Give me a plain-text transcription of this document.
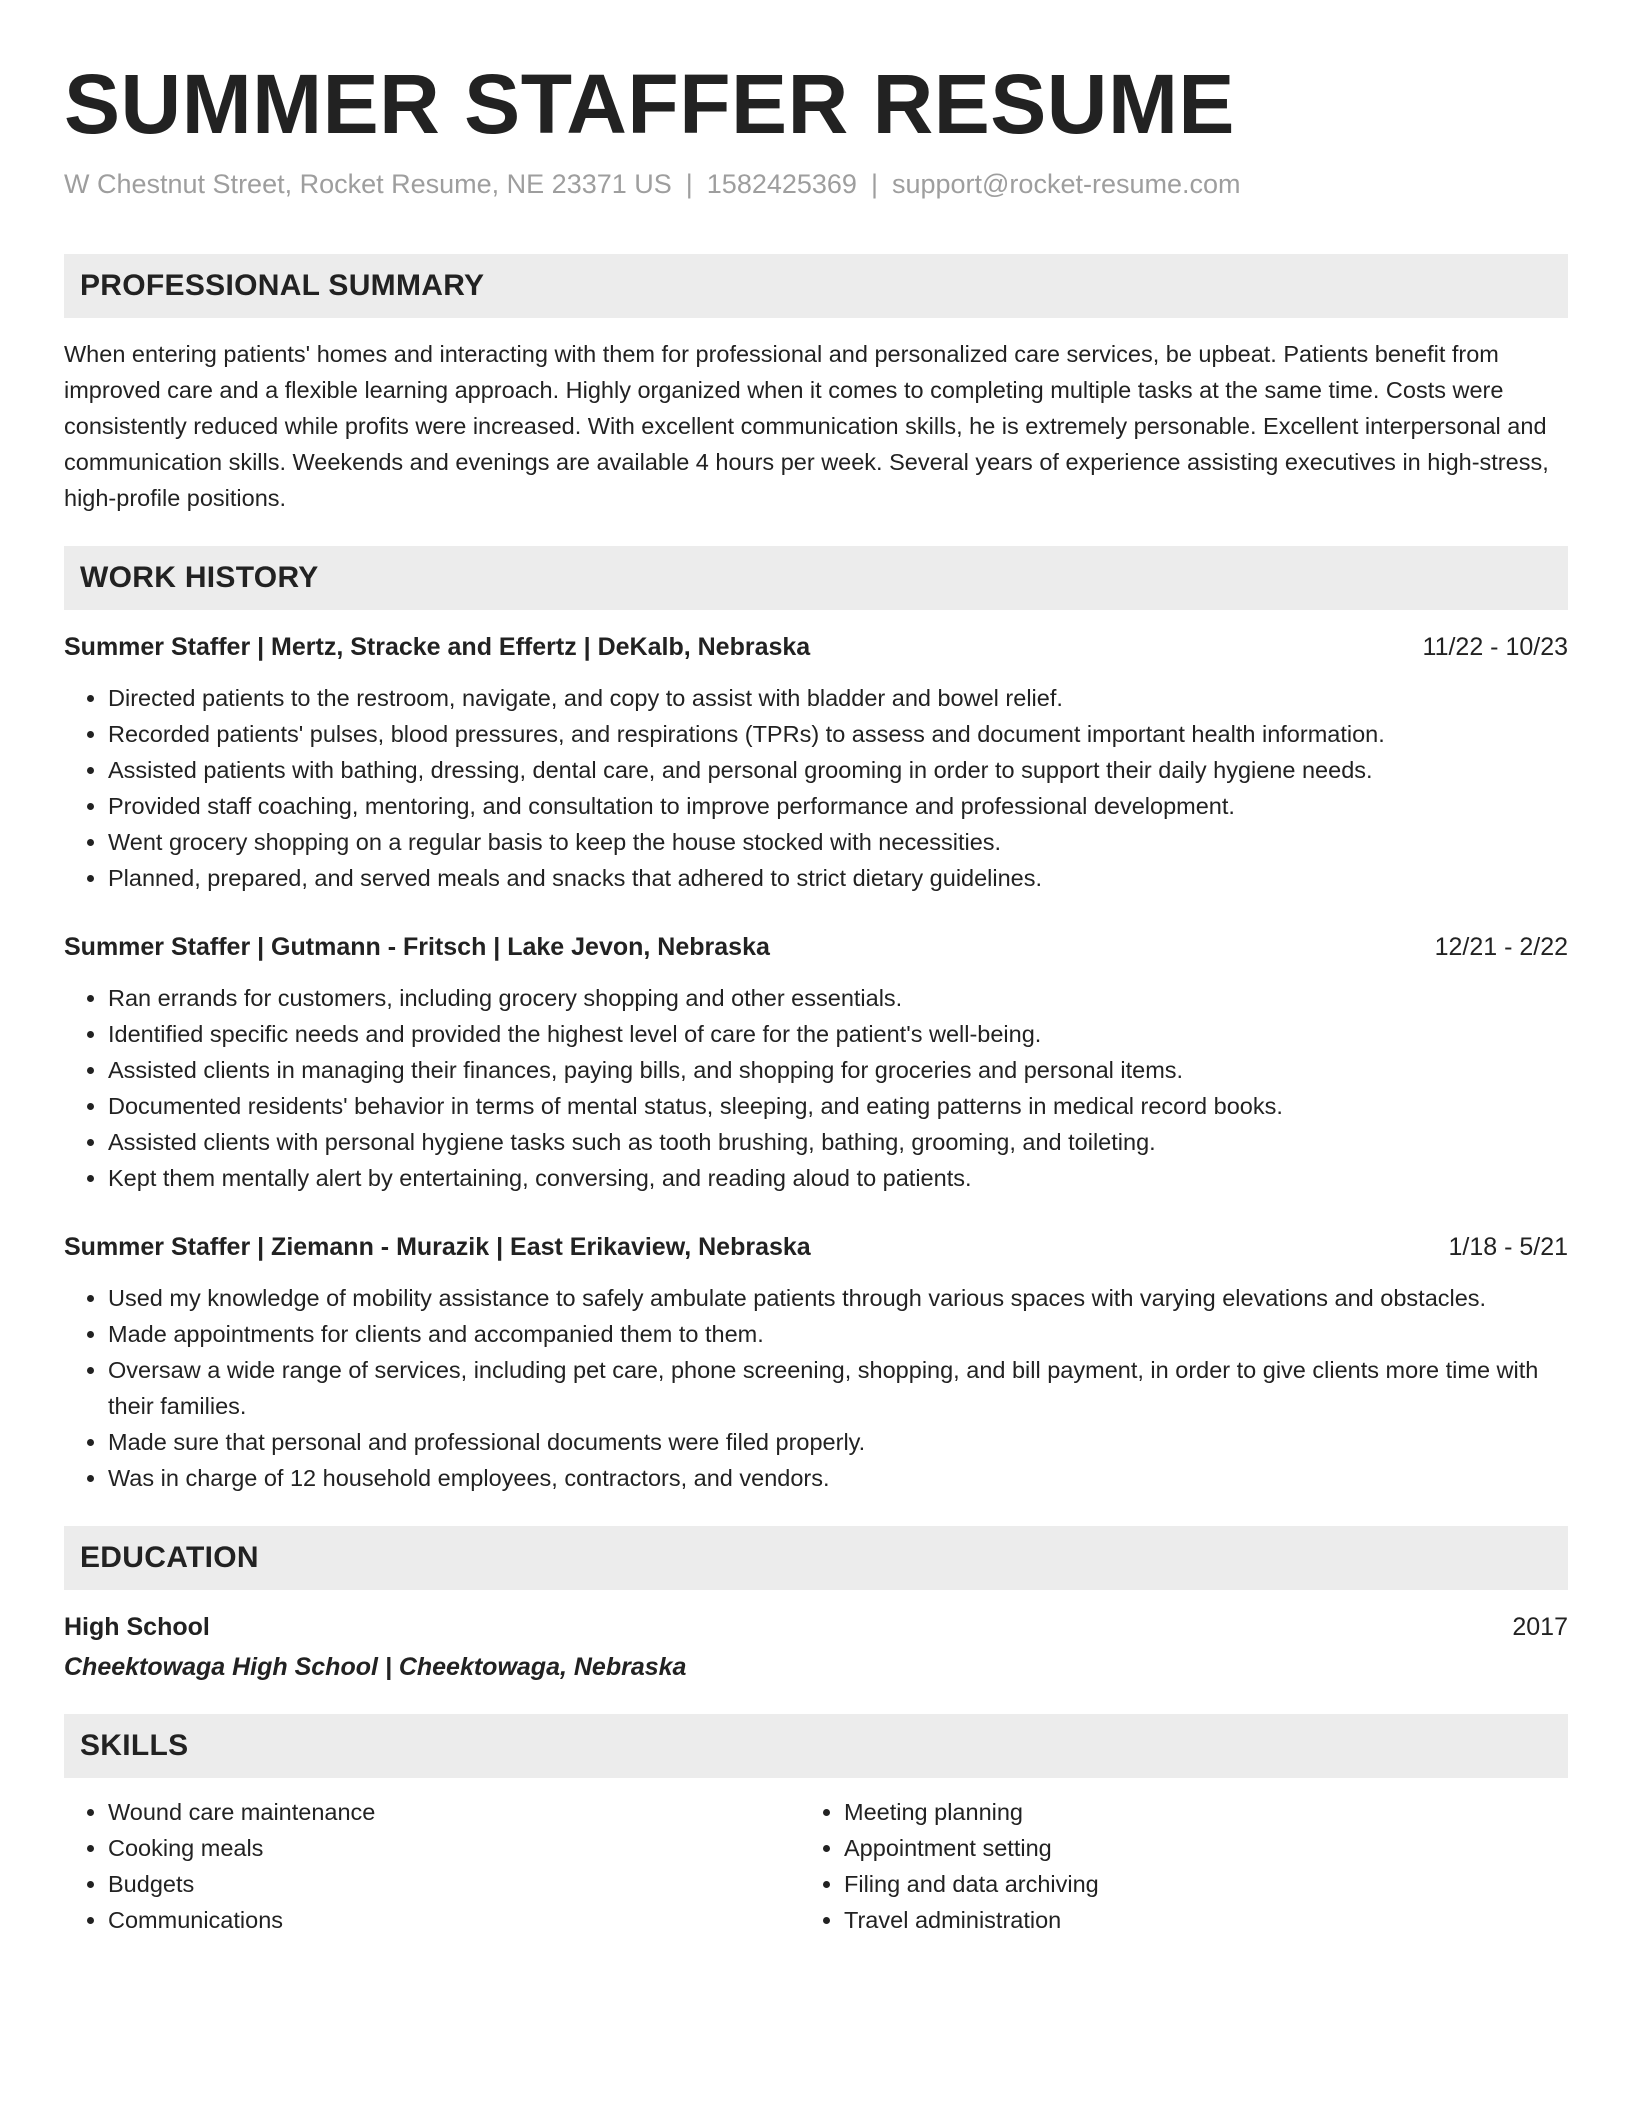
SUMMER STAFFER RESUME
W Chestnut Street, Rocket Resume, NE 23371 US | 1582425369 | support@rocket-resume.com
PROFESSIONAL SUMMARY
When entering patients' homes and interacting with them for professional and personalized care services, be upbeat. Patients benefit from improved care and a flexible learning approach. Highly organized when it comes to completing multiple tasks at the same time. Costs were consistently reduced while profits were increased. With excellent communication skills, he is extremely personable. Excellent interpersonal and communication skills. Weekends and evenings are available 4 hours per week. Several years of experience assisting executives in high-stress, high-profile positions.
WORK HISTORY
Summer Staffer | Mertz, Stracke and Effertz | DeKalb, Nebraska	11/22 - 10/23
• Directed patients to the restroom, navigate, and copy to assist with bladder and bowel relief.
• Recorded patients' pulses, blood pressures, and respirations (TPRs) to assess and document important health information.
• Assisted patients with bathing, dressing, dental care, and personal grooming in order to support their daily hygiene needs.
• Provided staff coaching, mentoring, and consultation to improve performance and professional development.
• Went grocery shopping on a regular basis to keep the house stocked with necessities.
• Planned, prepared, and served meals and snacks that adhered to strict dietary guidelines.
Summer Staffer | Gutmann - Fritsch | Lake Jevon, Nebraska	12/21 - 2/22
• Ran errands for customers, including grocery shopping and other essentials.
• Identified specific needs and provided the highest level of care for the patient's well-being.
• Assisted clients in managing their finances, paying bills, and shopping for groceries and personal items.
• Documented residents' behavior in terms of mental status, sleeping, and eating patterns in medical record books.
• Assisted clients with personal hygiene tasks such as tooth brushing, bathing, grooming, and toileting.
• Kept them mentally alert by entertaining, conversing, and reading aloud to patients.
Summer Staffer | Ziemann - Murazik | East Erikaview, Nebraska	1/18 - 5/21
• Used my knowledge of mobility assistance to safely ambulate patients through various spaces with varying elevations and obstacles.
• Made appointments for clients and accompanied them to them.
• Oversaw a wide range of services, including pet care, phone screening, shopping, and bill payment, in order to give clients more time with their families.
• Made sure that personal and professional documents were filed properly.
• Was in charge of 12 household employees, contractors, and vendors.
EDUCATION
High School	2017
Cheektowaga High School | Cheektowaga, Nebraska
SKILLS
• Wound care maintenance
• Cooking meals
• Budgets
• Communications
• Meeting planning
• Appointment setting
• Filing and data archiving
• Travel administration
